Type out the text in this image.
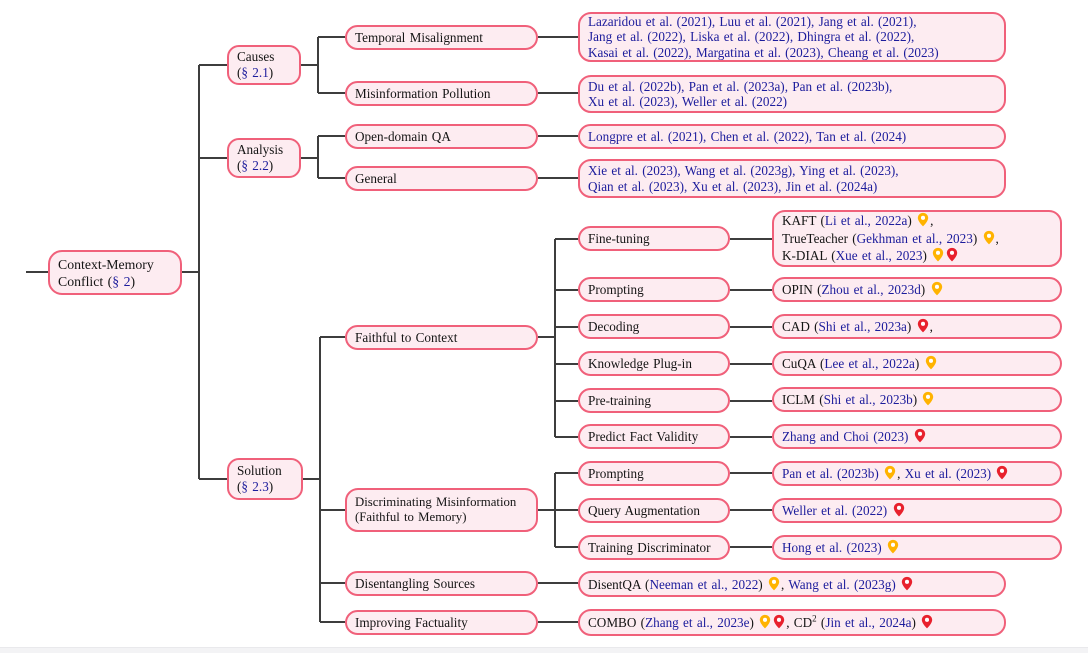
Context-Memory
Conflict (§ 2)
Causes
(§ 2.1)
Analysis
(§ 2.2)
Solution
(§ 2.3)
Temporal Misalignment
Misinformation Pollution
Open-domain QA
General
Faithful to Context
Discriminating Misinformation
(Faithful to Memory)
Disentangling Sources
Improving Factuality
Fine-tuning
Prompting
Decoding
Knowledge Plug-in
Pre-training
Predict Fact Validity
Prompting
Query Augmentation
Training Discriminator
Lazaridou et al. (2021), Luu et al. (2021), Jang et al. (2021),
Jang et al. (2022), Liska et al. (2022), Dhingra et al. (2022),
Kasai et al. (2022), Margatina et al. (2023), Cheang et al. (2023)
Du et al. (2022b), Pan et al. (2023a), Pan et al. (2023b),
Xu et al. (2023), Weller et al. (2022)
Longpre et al. (2021), Chen et al. (2022), Tan et al. (2024)
Xie et al. (2023), Wang et al. (2023g), Ying et al. (2023),
Qian et al. (2023), Xu et al. (2023), Jin et al. (2024a)
KAFT (Li et al., 2022a) ,
TrueTeacher (Gekhman et al., 2023) ,
K-DIAL (Xue et al., 2023)
OPIN (Zhou et al., 2023d)
CAD (Shi et al., 2023a) ,
CuQA (Lee et al., 2022a)
ICLM (Shi et al., 2023b)
Zhang and Choi (2023)
Pan et al. (2023b) , Xu et al. (2023)
Weller et al. (2022)
Hong et al. (2023)
DisentQA (Neeman et al., 2022) , Wang et al. (2023g)
COMBO (Zhang et al., 2023e) , $CD^2$ (Jin et al., 2024a)
